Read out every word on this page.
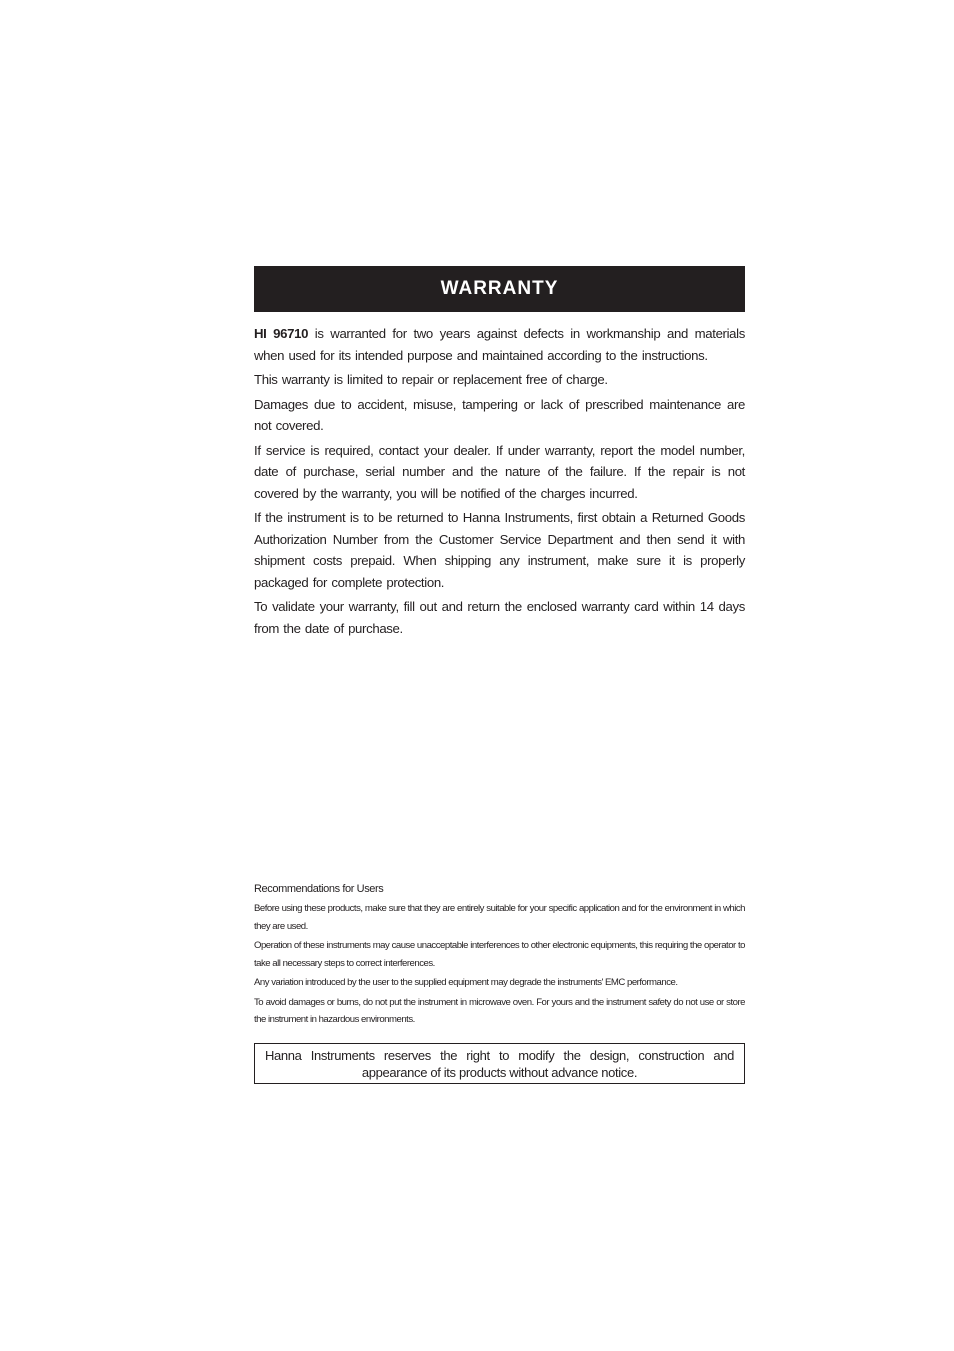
WARRANTY

HI 96710 is warranted for two years against defects in workmanship and materials when used for its intended purpose and maintained according to the instructions.

This warranty is limited to repair or replacement free of charge.

Damages due to accident, misuse, tampering or lack of prescribed maintenance are not covered.

If service is required, contact your dealer. If under warranty, report the model number, date of purchase, serial number and the nature of the failure. If the repair is not covered by the warranty, you will be notified of the charges incurred.

If the instrument is to be returned to Hanna Instruments, first obtain a Returned Goods Authorization Number from the Customer Service Department and then send it with shipment costs prepaid. When shipping any instrument, make sure it is properly packaged for complete protection.

To validate your warranty, fill out and return the enclosed warranty card within 14 days from the date of purchase.

Recommendations for Users

Before using these products, make sure that they are entirely suitable for your specific application and for the environment in which they are used.

Operation of these instruments may cause unacceptable interferences to other electronic equipments, this requiring the operator to take all necessary steps to correct interferences.

Any variation introduced by the user to the supplied equipment may degrade the instruments' EMC performance.

To avoid damages or burns, do not put the instrument in microwave oven. For yours and the instrument safety do not use or store the instrument in hazardous environments.

Hanna Instruments reserves the right to modify the design, construction and appearance of its products without advance notice.
